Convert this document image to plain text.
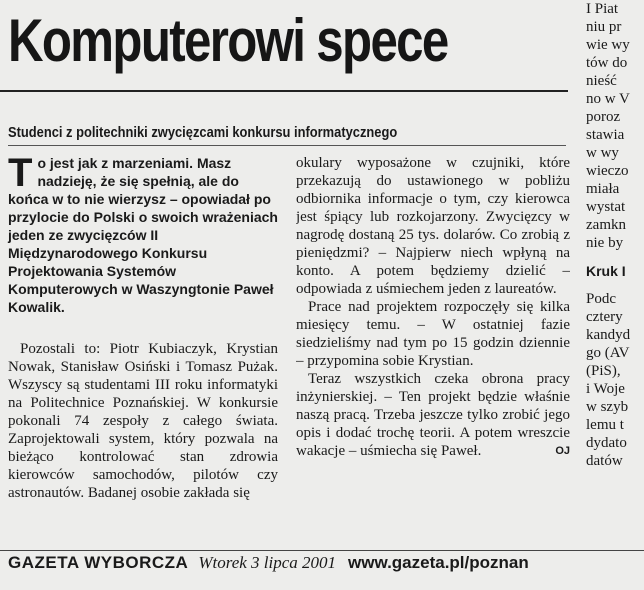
Komputerowi spece
Studenci z politechniki zwycięzcami konkursu informatycznego

To jest jak z marzeniami. Masz nadzieję, że się spełnią, ale do końca w to nie wierzysz – opowiadał po przylocie do Polski o swoich wrażeniach jeden ze zwycięzców II Międzynarodowego Konkursu Projektowania Systemów Komputerowych w Waszyngtonie Paweł Kowalik.

Pozostali to: Piotr Kubiaczyk, Krystian Nowak, Stanisław Osiński i Tomasz Pużak. Wszyscy są studentami III roku informatyki na Politechnice Poznańskiej. W konkursie pokonali 74 zespoły z całego świata. Zaprojektowali system, który pozwala na bieżąco kontrolować stan zdrowia kierowców samochodów, pilotów czy astronautów. Badanej osobie zakłada się

okulary wyposażone w czujniki, które przekazują do ustawionego w pobliżu odbiornika informacje o tym, czy kierowca jest śpiący lub rozkojarzony. Zwycięzcy w nagrodę dostaną 25 tys. dolarów. Co zrobią z pieniędzmi? – Najpierw niech wpłyną na konto. A potem będziemy dzielić – odpowiada z uśmiechem jeden z laureatów.

Prace nad projektem rozpoczęły się kilka miesięcy temu. – W ostatniej fazie siedzieliśmy nad tym po 15 godzin dziennie – przypomina sobie Krystian.

Teraz wszystkich czeka obrona pracy inżynierskiej. – Ten projekt będzie właśnie naszą pracą. Trzeba jeszcze tylko zrobić jego opis i dodać trochę teorii. A potem wreszcie wakacje – uśmiecha się Paweł.	OJ

I Piat
niu pr
wie wy
tów do
nieść
no w V
poroz
stawia
w wy
wieczo
miała
wystat
zamkn
nie by
Kruk I
Podc
cztery
kandyd
go (AV
(PiS),
i Woje
w szyb
lemu t
dydato
datów
GAZETA WYBORCZA Wtorek 3 lipca 2001 www.gazeta.pl/poznan
